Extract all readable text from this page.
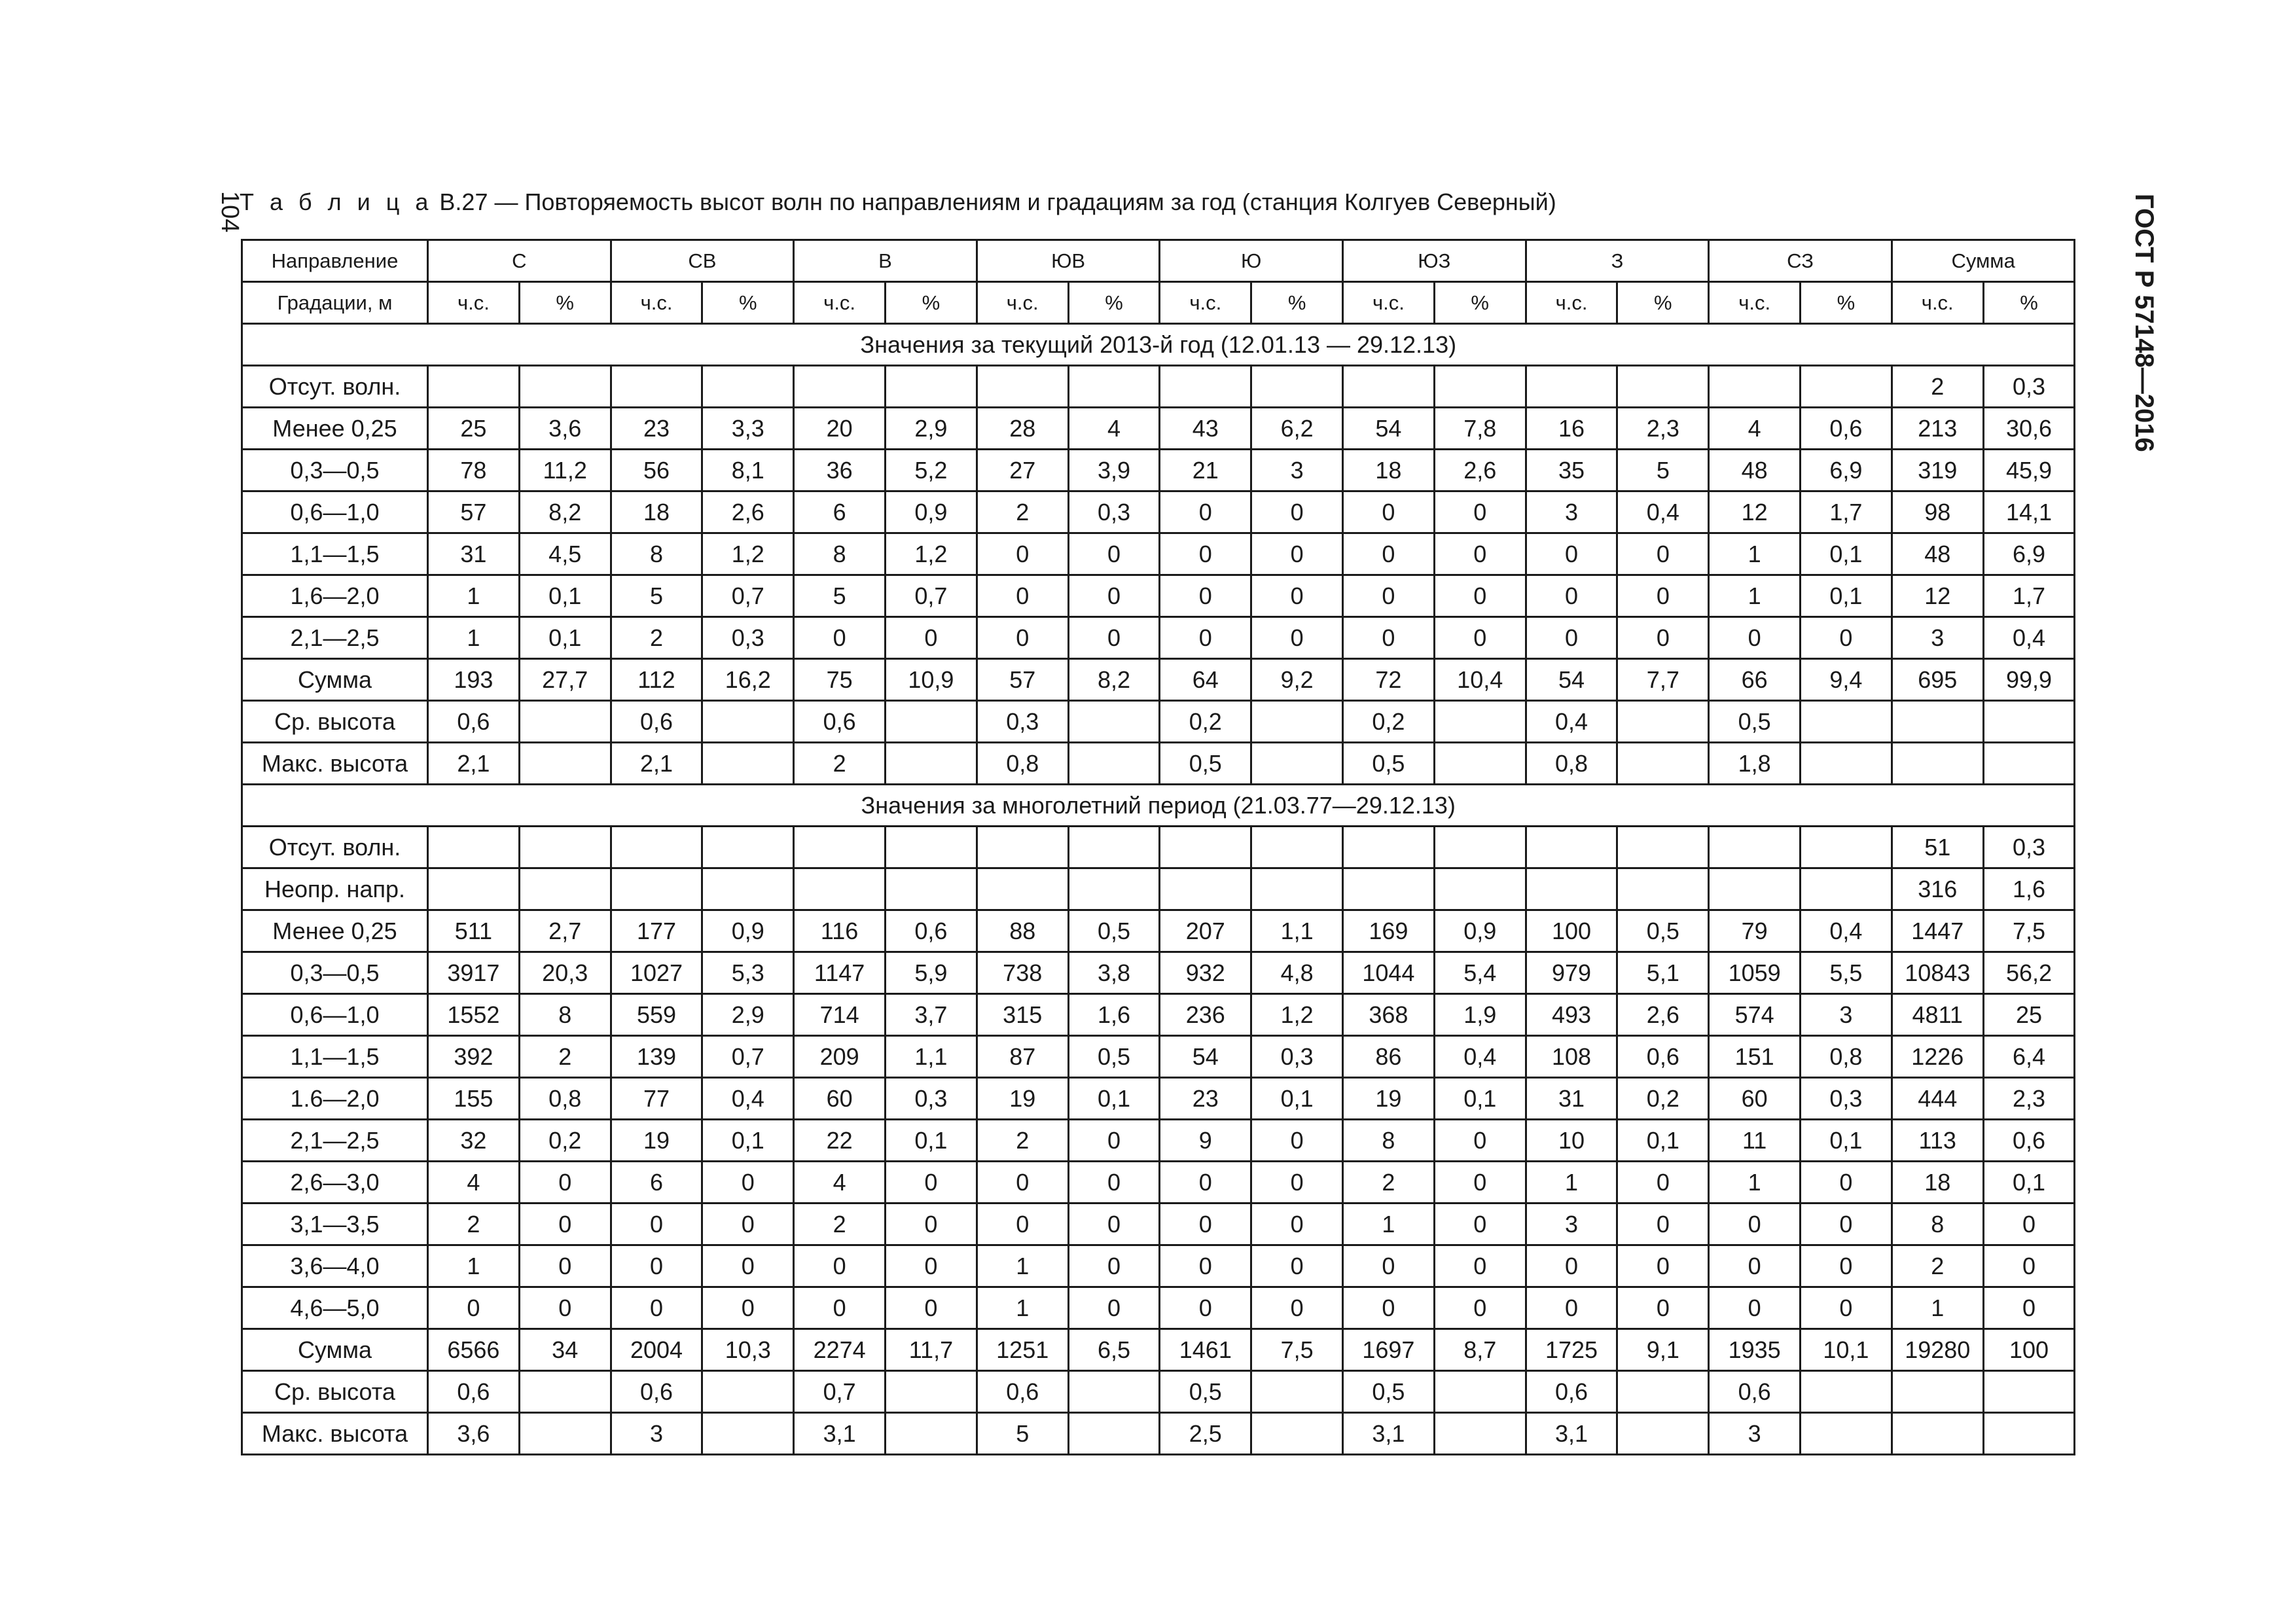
104	ГОСТ Р 57148—2016
Т а б л и ц а В.27 — Повторяемость высот волн по направлениям и градациям за год (станция Колгуев Северный)
Направление	С		СВ		В		ЮВ		Ю		ЮЗ		З		СЗ		Сумма	
Градации, м	ч.с.	%	ч.с.	%	ч.с.	%	ч.с.	%	ч.с.	%	ч.с.	%	ч.с.	%	ч.с.	%	ч.с.	%
Значения за текущий 2013-й год (12.01.13 — 29.12.13)																		
Отсут. волн.																	2	0,3
Менее 0,25	25	3,6	23	3,3	20	2,9	28	4	43	6,2	54	7,8	16	2,3	4	0,6	213	30,6
0,3—0,5	78	11,2	56	8,1	36	5,2	27	3,9	21	3	18	2,6	35	5	48	6,9	319	45,9
0,6—1,0	57	8,2	18	2,6	6	0,9	2	0,3	0	0	0	0	3	0,4	12	1,7	98	14,1
1,1—1,5	31	4,5	8	1,2	8	1,2	0	0	0	0	0	0	0	0	1	0,1	48	6,9
1,6—2,0	1	0,1	5	0,7	5	0,7	0	0	0	0	0	0	0	0	1	0,1	12	1,7
2,1—2,5	1	0,1	2	0,3	0	0	0	0	0	0	0	0	0	0	0	0	3	0,4
Сумма	193	27,7	112	16,2	75	10,9	57	8,2	64	9,2	72	10,4	54	7,7	66	9,4	695	99,9
Ср. высота	0,6		0,6		0,6		0,3		0,2		0,2		0,4		0,5			
Макс. высота	2,1		2,1		2		0,8		0,5		0,5		0,8		1,8			
Значения за многолетний период (21.03.77—29.12.13)																		
Отсут. волн.																	51	0,3
Неопр. напр.																	316	1,6
Менее 0,25	511	2,7	177	0,9	116	0,6	88	0,5	207	1,1	169	0,9	100	0,5	79	0,4	1447	7,5
0,3—0,5	3917	20,3	1027	5,3	1147	5,9	738	3,8	932	4,8	1044	5,4	979	5,1	1059	5,5	10843	56,2
0,6—1,0	1552	8	559	2,9	714	3,7	315	1,6	236	1,2	368	1,9	493	2,6	574	3	4811	25
1,1—1,5	392	2	139	0,7	209	1,1	87	0,5	54	0,3	86	0,4	108	0,6	151	0,8	1226	6,4
1.6—2,0	155	0,8	77	0,4	60	0,3	19	0,1	23	0,1	19	0,1	31	0,2	60	0,3	444	2,3
2,1—2,5	32	0,2	19	0,1	22	0,1	2	0	9	0	8	0	10	0,1	11	0,1	113	0,6
2,6—3,0	4	0	6	0	4	0	0	0	0	0	2	0	1	0	1	0	18	0,1
3,1—3,5	2	0	0	0	2	0	0	0	0	0	1	0	3	0	0	0	8	0
3,6—4,0	1	0	0	0	0	0	1	0	0	0	0	0	0	0	0	0	2	0
4,6—5,0	0	0	0	0	0	0	1	0	0	0	0	0	0	0	0	0	1	0
Сумма	6566	34	2004	10,3	2274	11,7	1251	6,5	1461	7,5	1697	8,7	1725	9,1	1935	10,1	19280	100
Ср. высота	0,6		0,6		0,7		0,6		0,5		0,5		0,6		0,6			
Макс. высота	3,6		3		3,1		5		2,5		3,1		3,1		3			
